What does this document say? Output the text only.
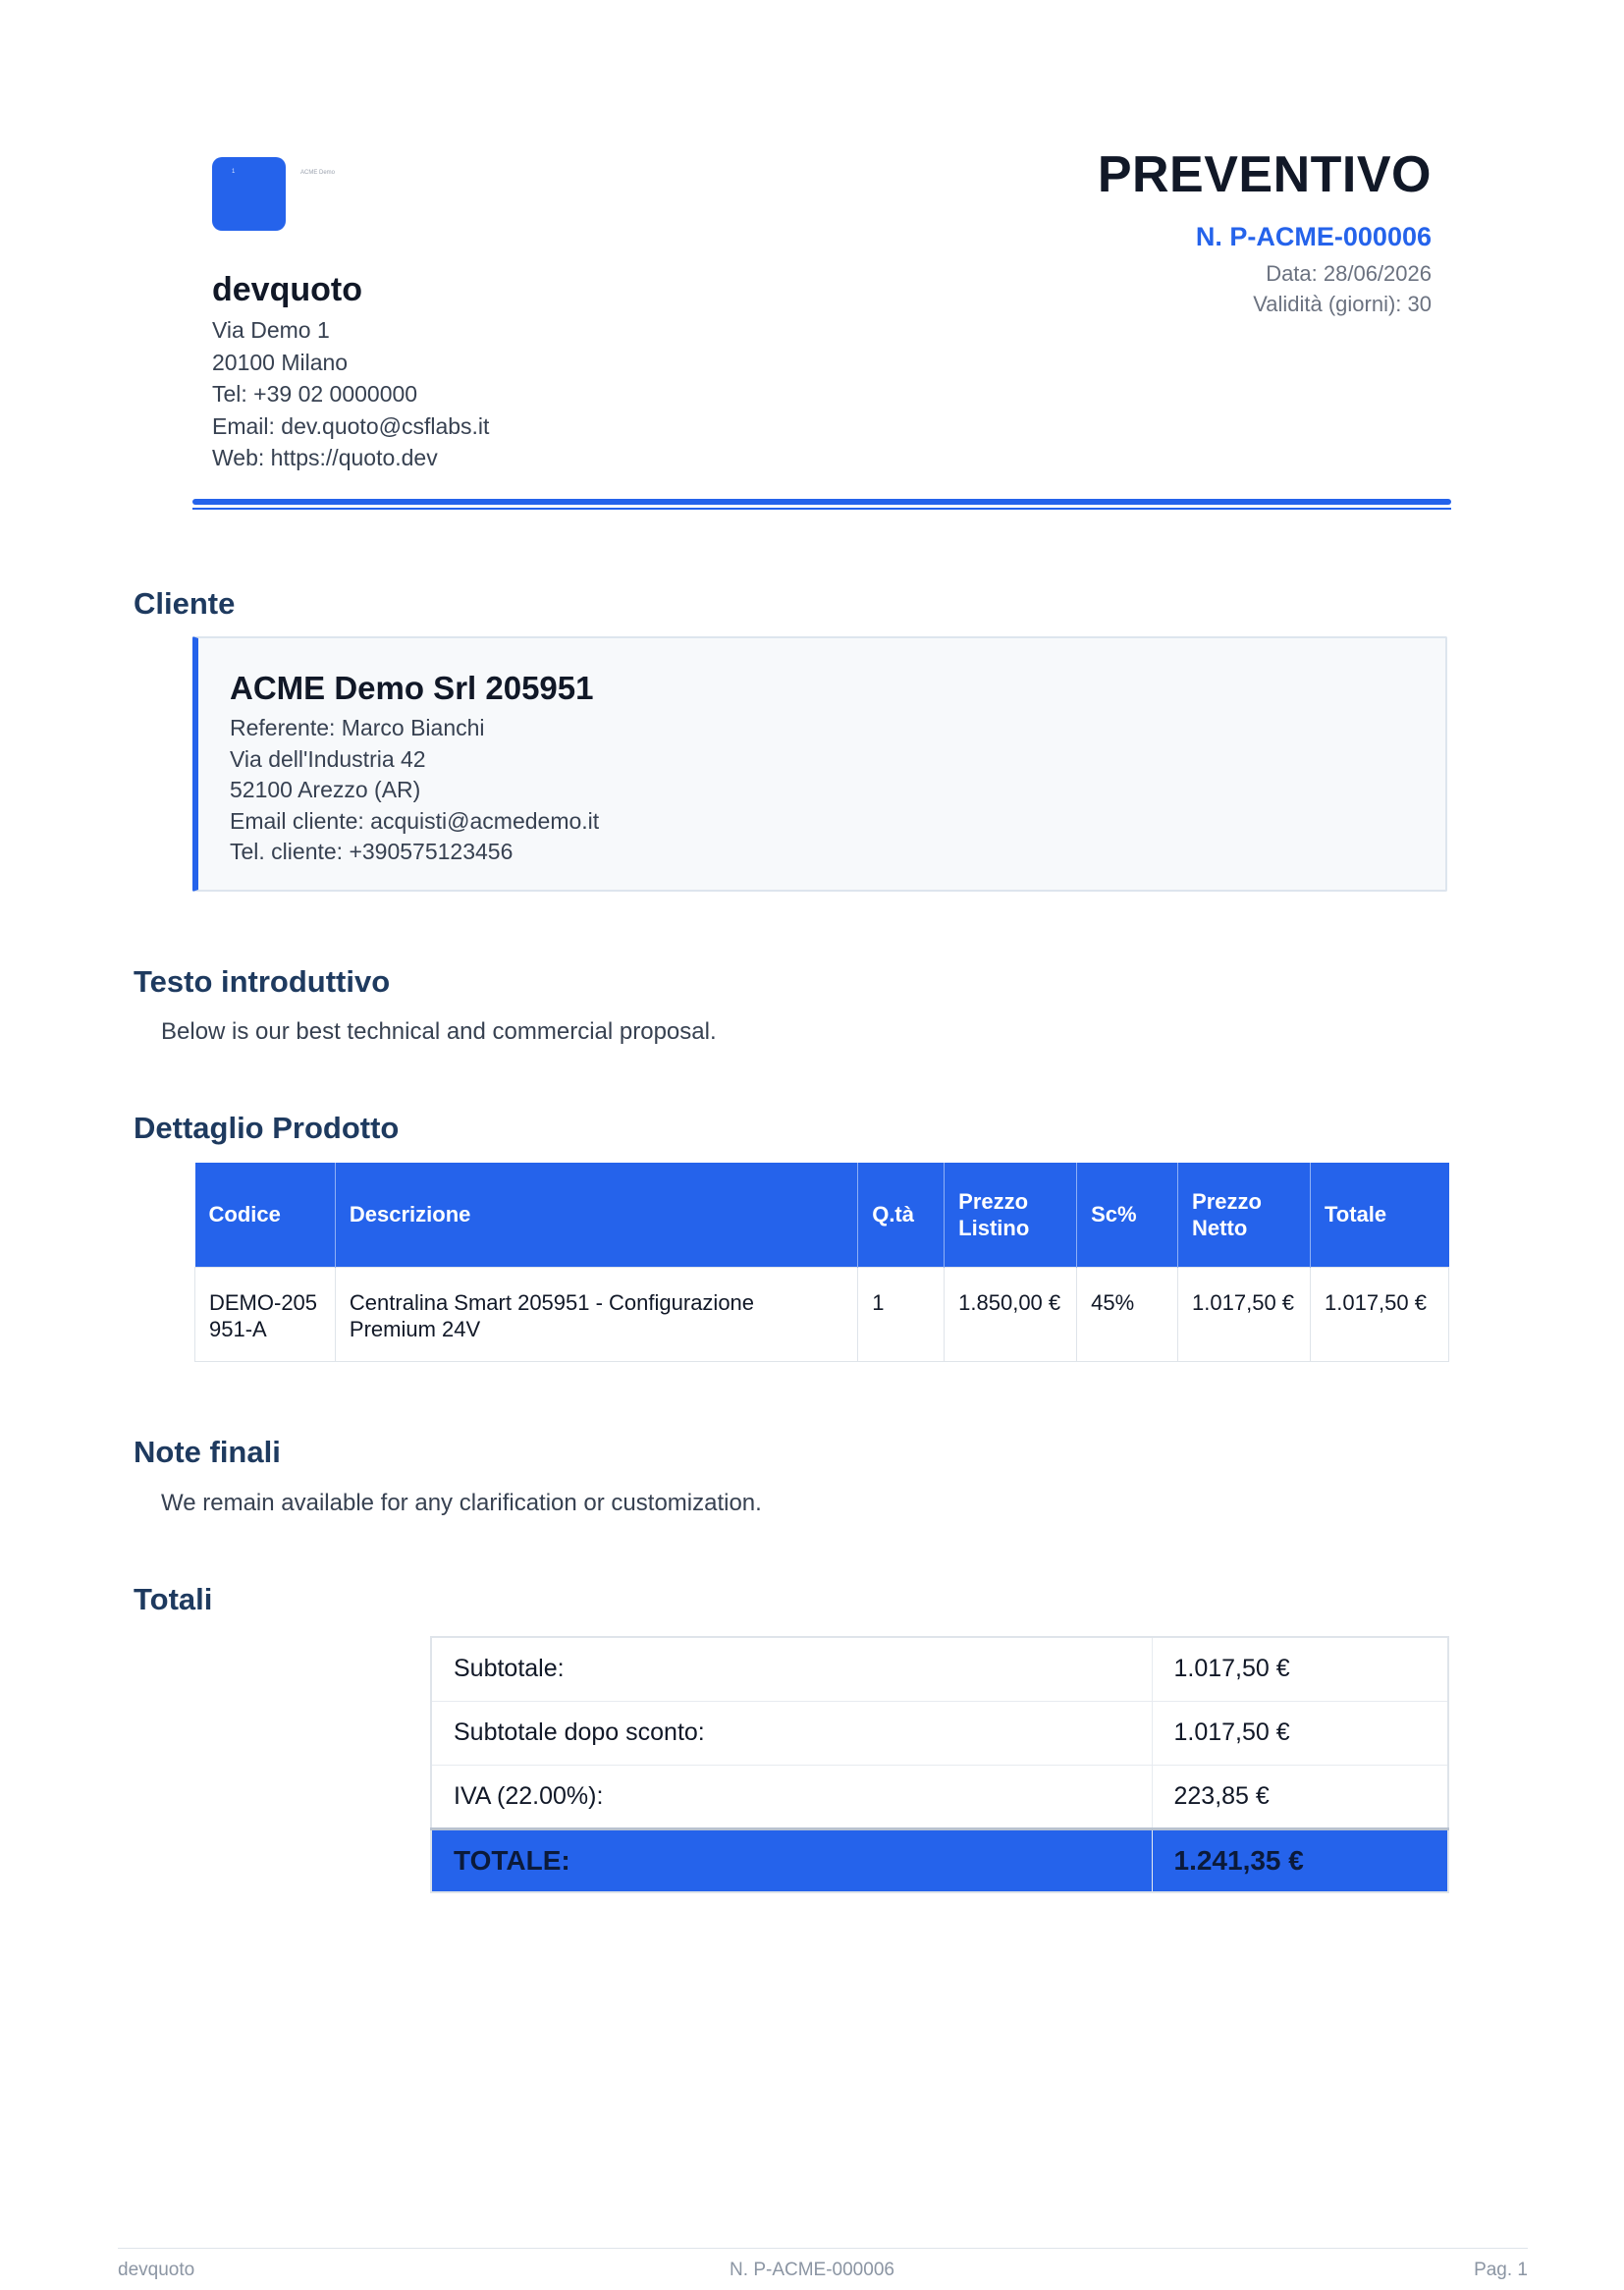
1	ACME Demo
devquoto
Via Demo 1
20100 Milano
Tel: +39 02 0000000
Email: dev.quoto@csflabs.it
Web: https://quoto.dev
PREVENTIVO
N. P-ACME-000006
Data: 28/06/2026
Validità (giorni): 30
Cliente
ACME Demo Srl 205951
Referente: Marco Bianchi
Via dell'Industria 42
52100 Arezzo (AR)
Email cliente: acquisti@acmedemo.it
Tel. cliente: +390575123456
Testo introduttivo
Below is our best technical and commercial proposal.
Dettaglio Prodotto
Codice	Descrizione	Q.tà	Prezzo Listino	Sc%	Prezzo Netto	Totale
DEMO-205951-A	Centralina Smart 205951 - Configurazione Premium 24V	1	1.850,00 €	45%	1.017,50 €	1.017,50 €
Note finali
We remain available for any clarification or customization.
Totali
Subtotale:	1.017,50 €
Subtotale dopo sconto:	1.017,50 €
IVA (22.00%):	223,85 €
TOTALE:	1.241,35 €
devquoto	N. P-ACME-000006	Pag. 1
